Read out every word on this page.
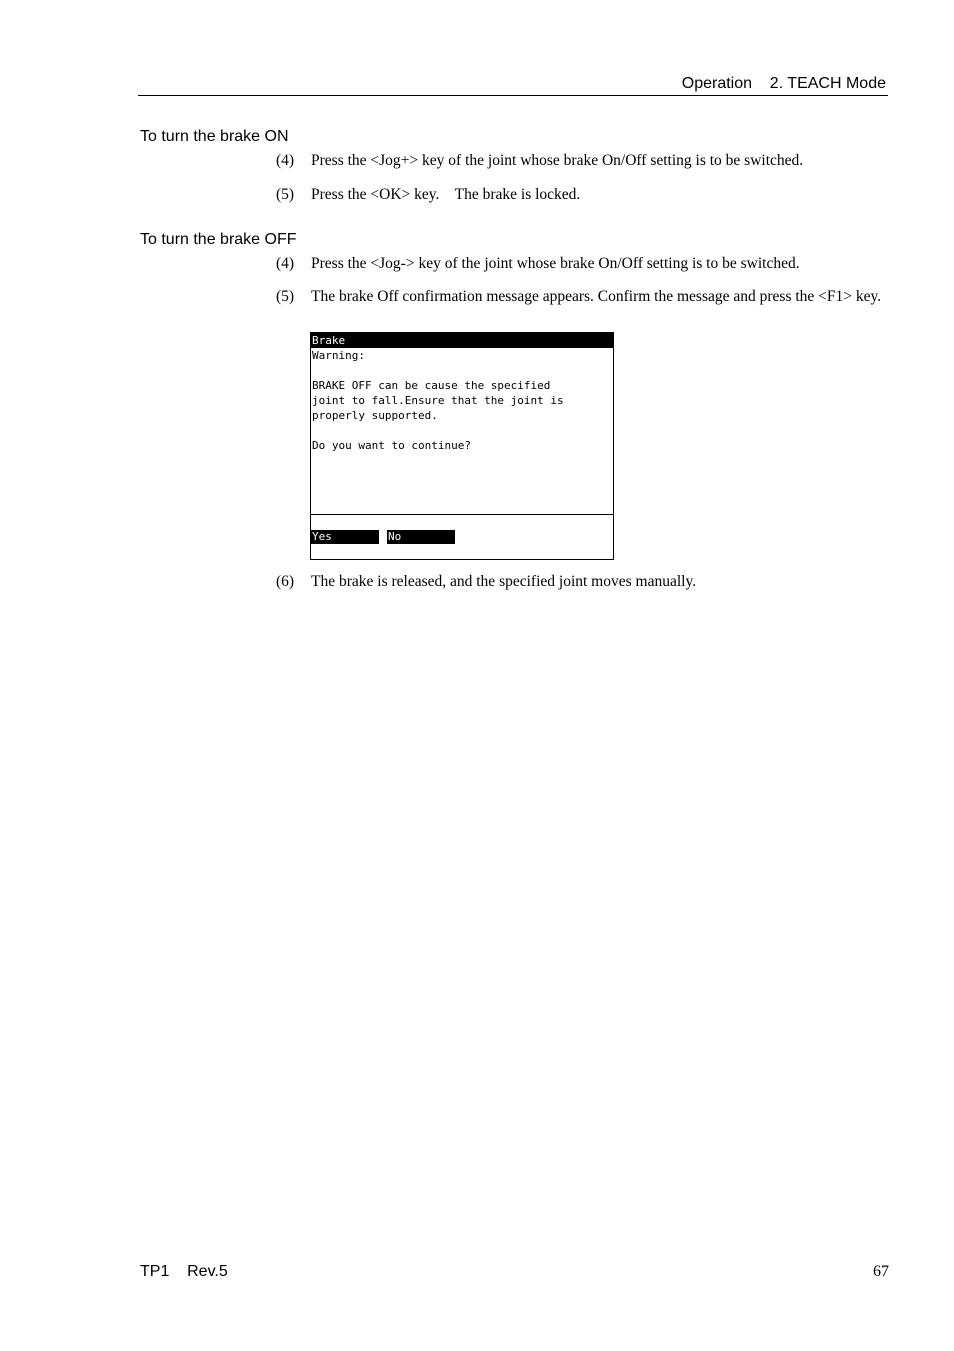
Operation    2. TEACH Mode
To turn the brake ON
(4) Press the <Jog+> key of the joint whose brake On/Off setting is to be switched.
(5) Press the <OK> key.    The brake is locked.
To turn the brake OFF
(4) Press the <Jog-> key of the joint whose brake On/Off setting is to be switched.
(5) The brake Off confirmation message appears. Confirm the message and press the <F1> key.
Brake
Warning:
BRAKE OFF can be cause the specified
joint to fall.Ensure that the joint is
properly supported.
Do you want to continue?
Yes	No
(6) The brake is released, and the specified joint moves manually.
TP1    Rev.5	67
